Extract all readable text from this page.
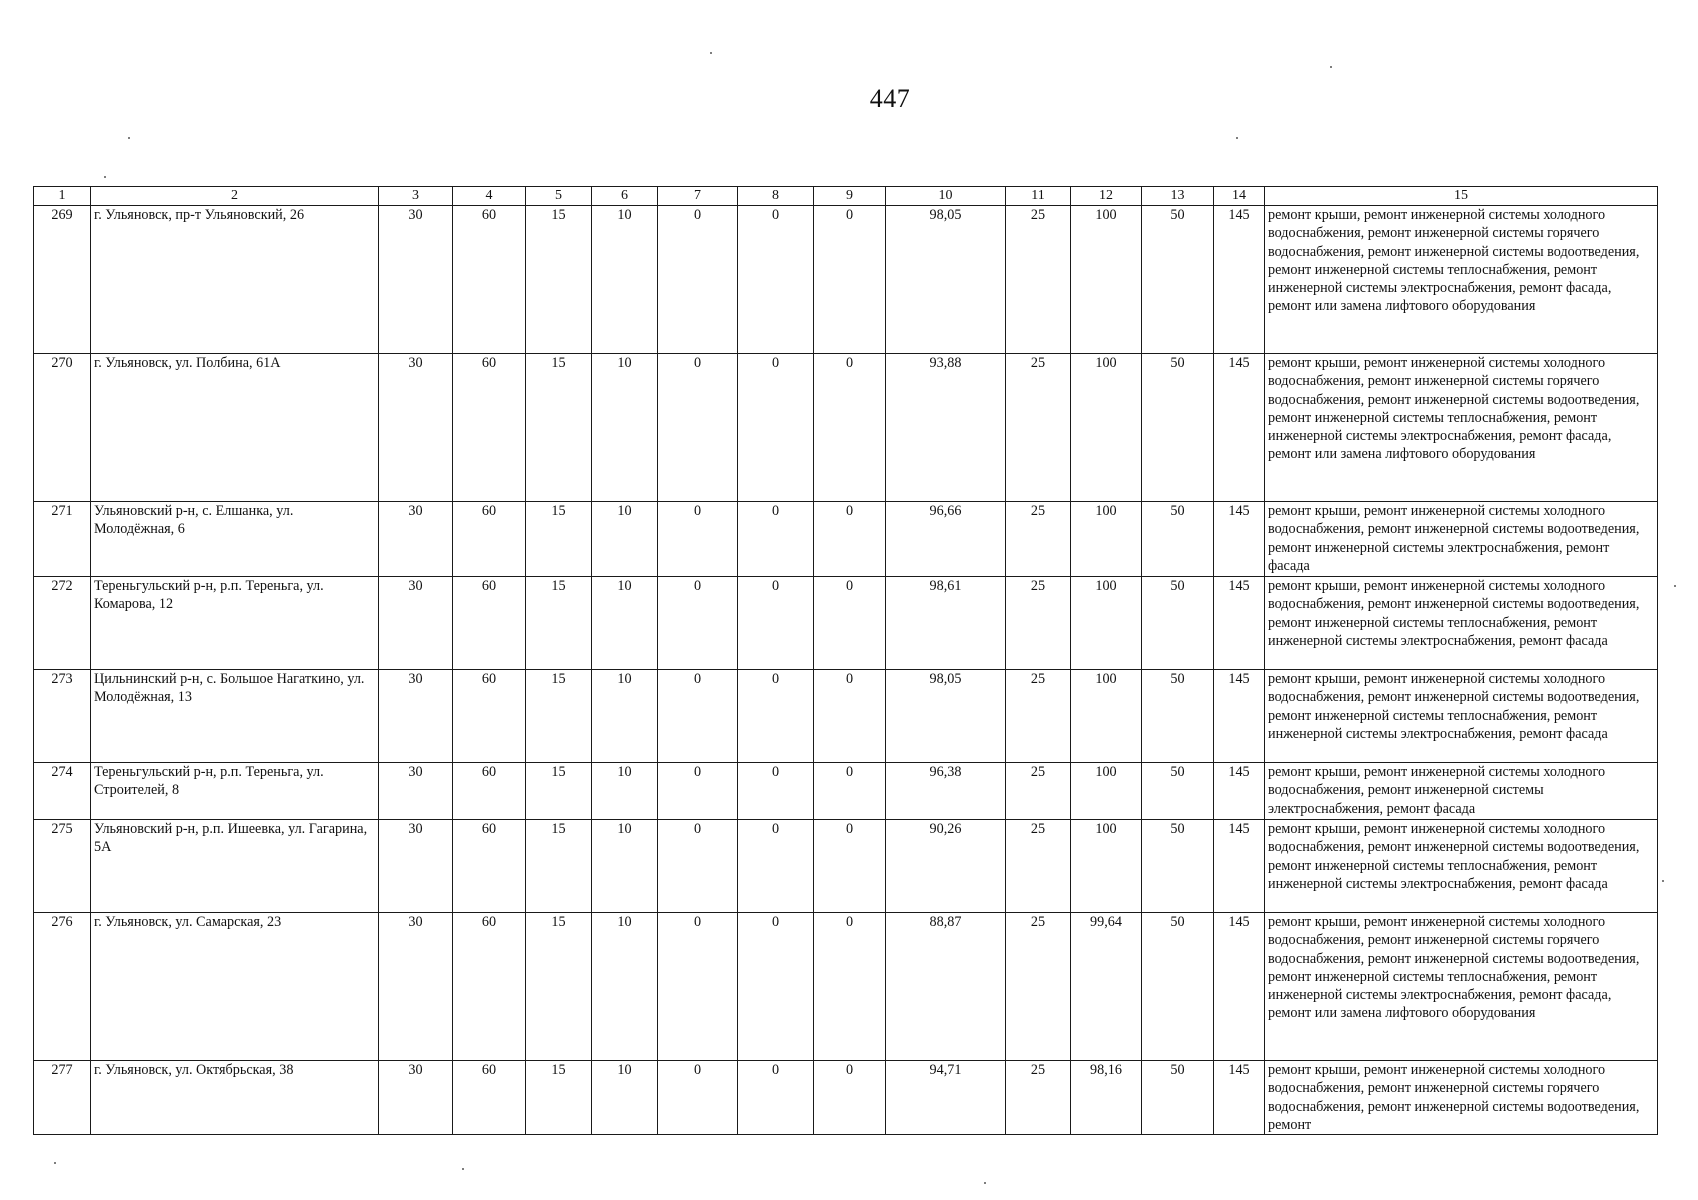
447
1	2	3	4	5	6	7	8	9	10	11	12	13	14	15
269	г. Ульяновск, пр-т Ульяновский, 26	30	60	15	10	0	0	0	98,05	25	100	50	145	ремонт крыши, ремонт инженерной системы холодного водоснабжения, ремонт инженерной системы горячего водоснабжения, ремонт инженерной системы водоотведения, ремонт инженерной системы теплоснабжения, ремонт инженерной системы электроснабжения, ремонт фасада, ремонт или замена лифтового оборудования
270	г. Ульяновск, ул. Полбина, 61А	30	60	15	10	0	0	0	93,88	25	100	50	145	ремонт крыши, ремонт инженерной системы холодного водоснабжения, ремонт инженерной системы горячего водоснабжения, ремонт инженерной системы водоотведения, ремонт инженерной системы теплоснабжения, ремонт инженерной системы электроснабжения, ремонт фасада, ремонт или замена лифтового оборудования
271	Ульяновский р-н, с. Елшанка, ул. Молодёжная, 6	30	60	15	10	0	0	0	96,66	25	100	50	145	ремонт крыши, ремонт инженерной системы холодного водоснабжения, ремонт инженерной системы водоотведения, ремонт инженерной системы электроснабжения, ремонт фасада
272	Тереньгульский р-н, р.п. Тереньга, ул. Комарова, 12	30	60	15	10	0	0	0	98,61	25	100	50	145	ремонт крыши, ремонт инженерной системы холодного водоснабжения, ремонт инженерной системы водоотведения, ремонт инженерной системы теплоснабжения, ремонт инженерной системы электроснабжения, ремонт фасада
273	Цильнинский р-н, с. Большое Нагаткино, ул. Молодёжная, 13	30	60	15	10	0	0	0	98,05	25	100	50	145	ремонт крыши, ремонт инженерной системы холодного водоснабжения, ремонт инженерной системы водоотведения, ремонт инженерной системы теплоснабжения, ремонт инженерной системы электроснабжения, ремонт фасада
274	Тереньгульский р-н, р.п. Тереньга, ул. Строителей, 8	30	60	15	10	0	0	0	96,38	25	100	50	145	ремонт крыши, ремонт инженерной системы холодного водоснабжения, ремонт инженерной системы электроснабжения, ремонт фасада
275	Ульяновский р-н, р.п. Ишеевка, ул. Гагарина, 5А	30	60	15	10	0	0	0	90,26	25	100	50	145	ремонт крыши, ремонт инженерной системы холодного водоснабжения, ремонт инженерной системы водоотведения, ремонт инженерной системы теплоснабжения, ремонт инженерной системы электроснабжения, ремонт фасада
276	г. Ульяновск, ул. Самарская, 23	30	60	15	10	0	0	0	88,87	25	99,64	50	145	ремонт крыши, ремонт инженерной системы холодного водоснабжения, ремонт инженерной системы горячего водоснабжения, ремонт инженерной системы водоотведения, ремонт инженерной системы теплоснабжения, ремонт инженерной системы электроснабжения, ремонт фасада, ремонт или замена лифтового оборудования
277	г. Ульяновск, ул. Октябрьская, 38	30	60	15	10	0	0	0	94,71	25	98,16	50	145	ремонт крыши, ремонт инженерной системы холодного водоснабжения, ремонт инженерной системы горячего водоснабжения, ремонт инженерной системы водоотведения, ремонт
